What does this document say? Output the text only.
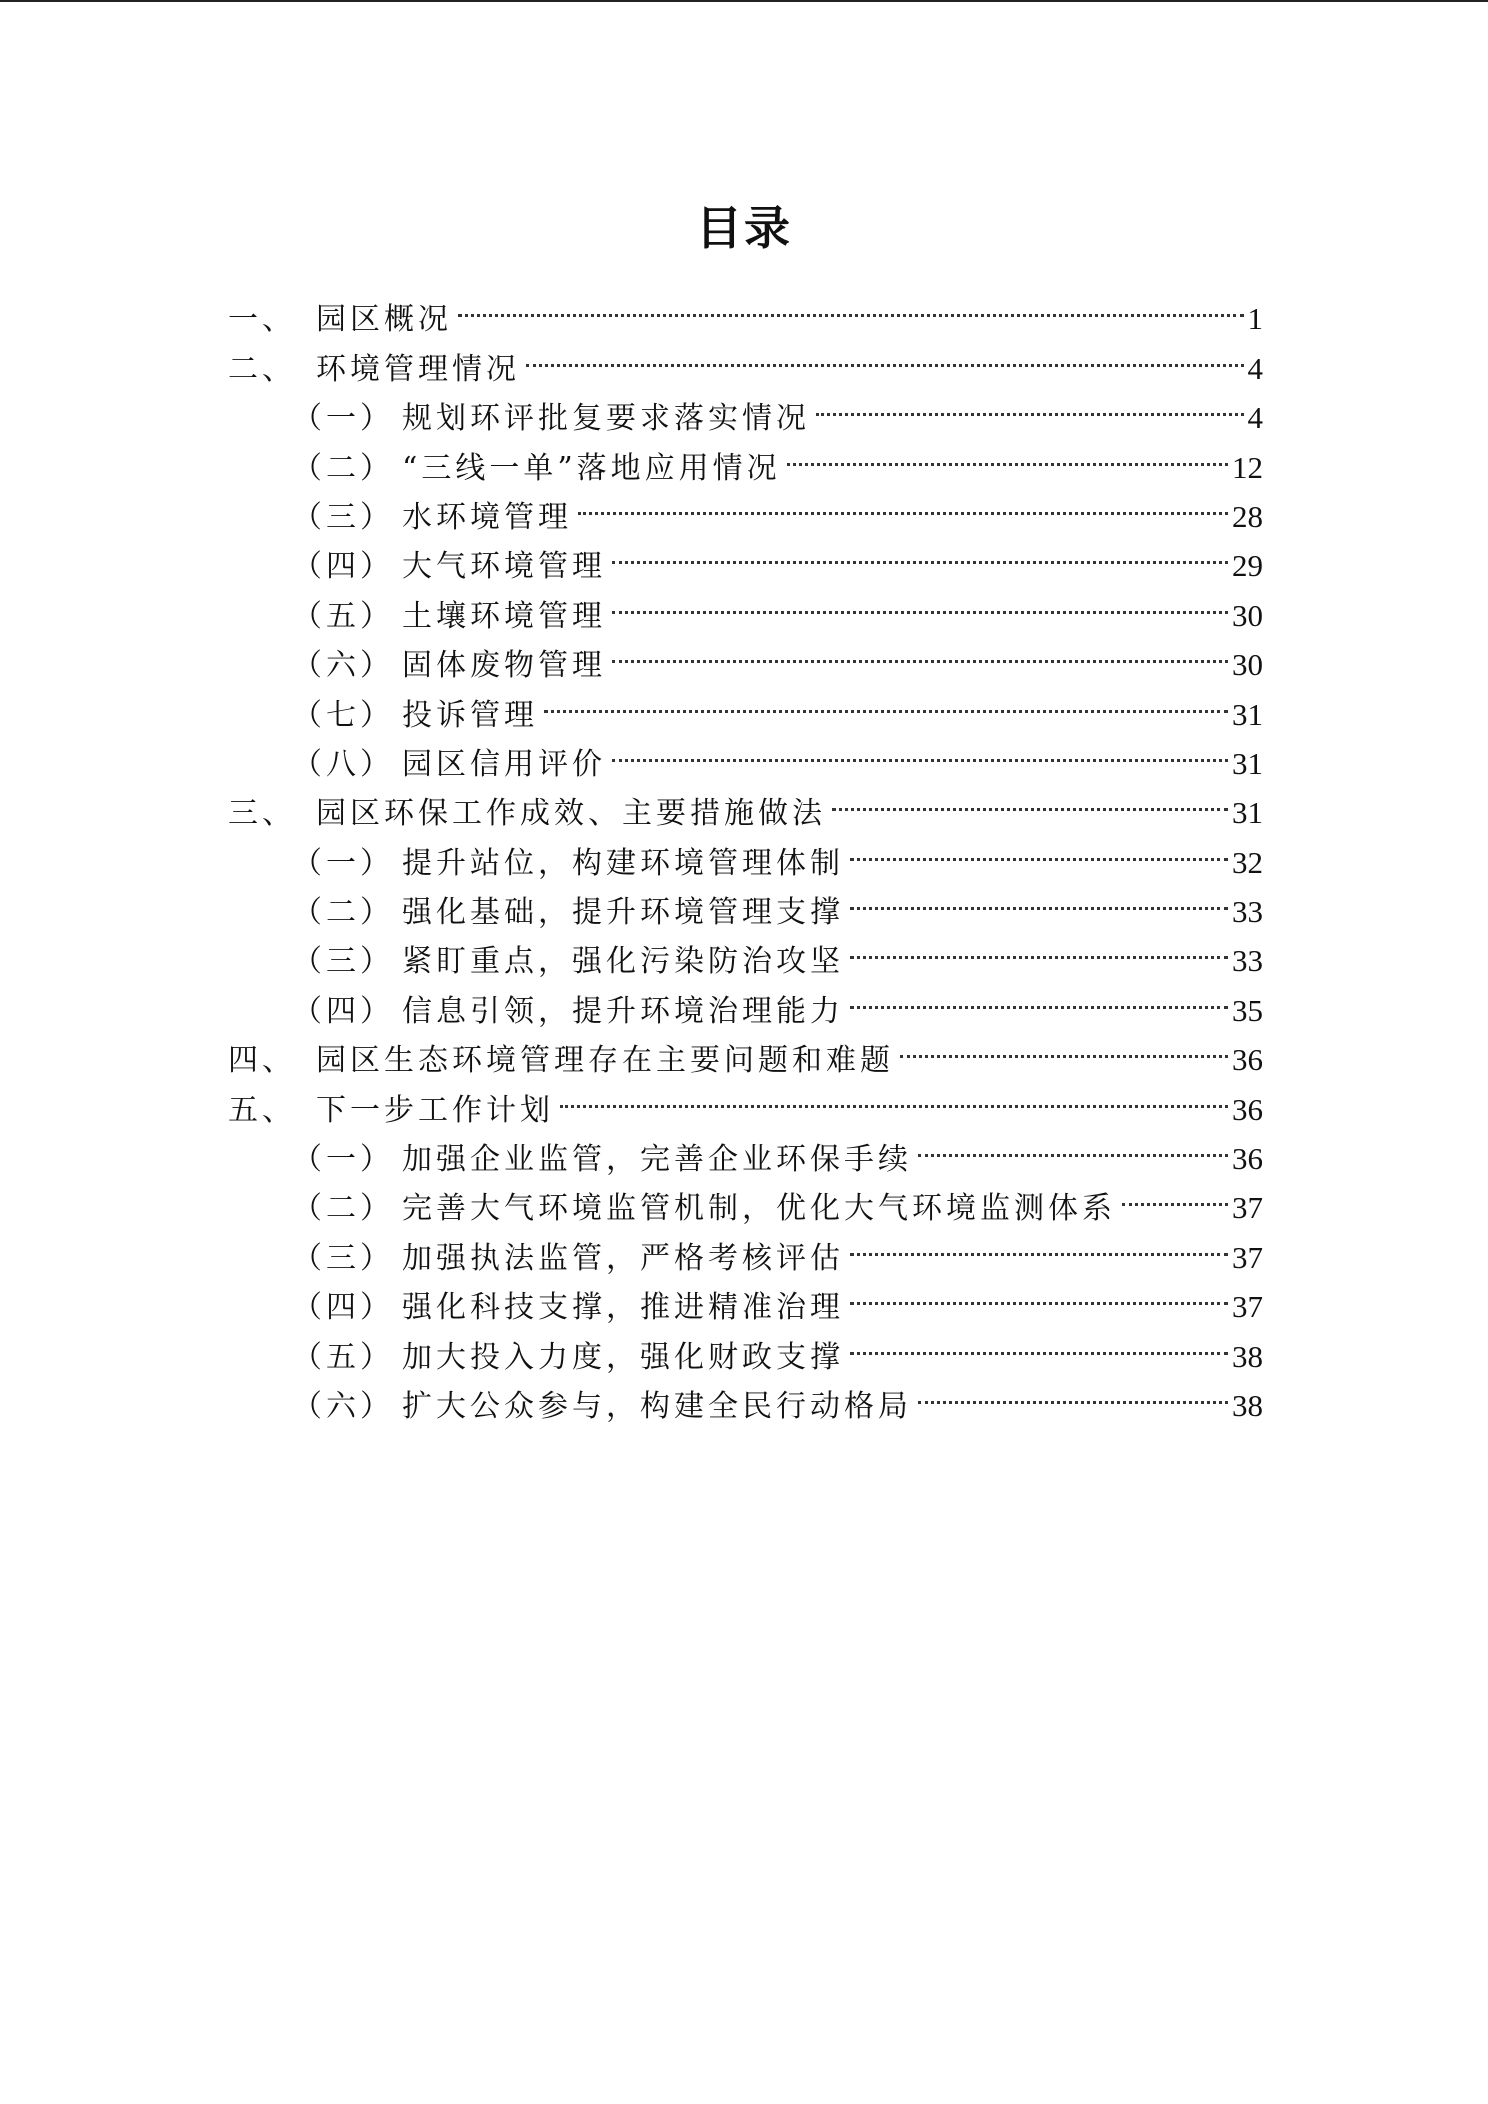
目录
一、 园区概况	1
二、 环境管理情况	4
（一） 规划环评批复要求落实情况	4
（二） “三线一单”落地应用情况	12
（三） 水环境管理	28
（四） 大气环境管理	29
（五） 土壤环境管理	30
（六） 固体废物管理	30
（七） 投诉管理	31
（八） 园区信用评价	31
三、 园区环保工作成效、主要措施做法	31
（一） 提升站位，构建环境管理体制	32
（二） 强化基础，提升环境管理支撑	33
（三） 紧盯重点，强化污染防治攻坚	33
（四） 信息引领，提升环境治理能力	35
四、 园区生态环境管理存在主要问题和难题	36
五、 下一步工作计划	36
（一） 加强企业监管，完善企业环保手续	36
（二） 完善大气环境监管机制，优化大气环境监测体系	37
（三） 加强执法监管，严格考核评估	37
（四） 强化科技支撑，推进精准治理	37
（五） 加大投入力度，强化财政支撑	38
（六） 扩大公众参与，构建全民行动格局	38
